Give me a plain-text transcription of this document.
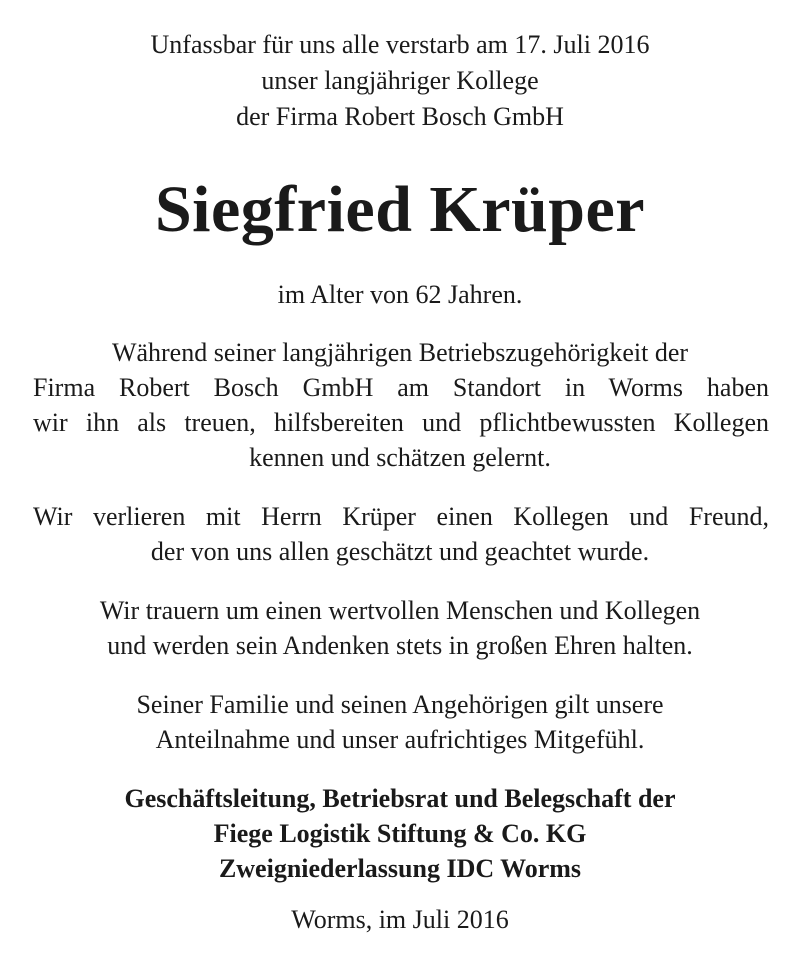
Unfassbar für uns alle verstarb am 17. Juli 2016
unser langjähriger Kollege
der Firma Robert Bosch GmbH
Siegfried Krüper
im Alter von 62 Jahren.
Während seiner langjährigen Betriebszugehörigkeit der
Firma Robert Bosch GmbH am Standort in Worms haben
wir ihn als treuen, hilfsbereiten und pflichtbewussten Kollegen
kennen und schätzen gelernt.
Wir verlieren mit Herrn Krüper einen Kollegen und Freund,
der von uns allen geschätzt und geachtet wurde.
Wir trauern um einen wertvollen Menschen und Kollegen
und werden sein Andenken stets in großen Ehren halten.
Seiner Familie und seinen Angehörigen gilt unsere
Anteilnahme und unser aufrichtiges Mitgefühl.
Geschäftsleitung, Betriebsrat und Belegschaft der
Fiege Logistik Stiftung & Co. KG
Zweigniederlassung IDC Worms
Worms, im Juli 2016
